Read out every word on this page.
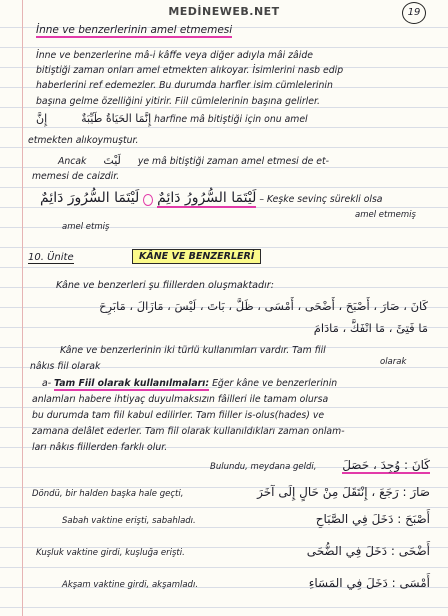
MEDİNEWEB.NET	19
İnne ve benzerlerinin amel etmemesi
İnne ve benzerlerine mâ-i kâffe veya diğer adıyla mâi zâide
bitiştiği zaman onları amel etmekten alıkoyar. İsimlerini nasb edip
haberlerini ref edemezler. Bu durumda harfler isim cümlelerinin
başına gelme özelliğini yitirir. Fiil cümlelerinin başına gelirler.
إِنَّمَا الحَيَاةُ طَيِّبَةٌ  إِنَّ	harfine mâ bitiştiği için onu amel
etmekten alıkoymuştur.
Ancak لَيْتَ ye mâ bitiştiği zaman amel etmesi de et-
memesi de caizdir.
لَيْتَمَا السُّرُورُ دَائِمٌ  لَيْتَمَا السُّرُورَ دَائِمٌ	– Keşke sevinç sürekli olsa
amel etmemiş
amel etmiş
10. Ünite	KÂNE VE BENZERLERİ
Kâne ve benzerleri şu fiillerden oluşmaktadır:
كَانَ ، صَارَ ، أَصْبَحَ ، أَضْحَى ، أَمْسَى ، ظَلَّ ، بَاتَ ، لَيْسَ ، مَازَالَ ، مَابَرِحَ
مَا فَتِئَ ، مَا انْفَكَّ ، مَادَامَ
Kâne ve benzerlerinin iki türlü kullanımları vardır. Tam fiil
olarak
nâkıs fiil olarak
a- Tam Fiil olarak kullanılmaları: Eğer kâne ve benzerlerinin
anlamları habere ihtiyaç duyulmaksızın fâilleri ile tamam olursa
bu durumda tam fiil kabul edilirler. Tam fiiller is-olus(hades) ve
zamana delâlet ederler. Tam fiil olarak kullanıldıkları zaman onlam-
ları nâkıs fiillerden farklı olur.
Bulundu, meydana geldi, كَانَ : وُجِدَ ، حَصَلَ
Döndü, bir halden başka hale geçti,	صَارَ : رَجَعَ ، إِنْتَقَلَ مِنْ حَالٍ إِلَى آخَرَ
Sabah vaktine erişti, sabahladı.	أَصْبَحَ : دَخَلَ فِي الصَّبَاحِ
Kuşluk vaktine girdi, kuşluğa erişti.	أَضْحَى : دَخَلَ فِي الضُّحَى
Akşam vaktine girdi, akşamladı.	أَمْسَى : دَخَلَ فِي المَسَاءِ
